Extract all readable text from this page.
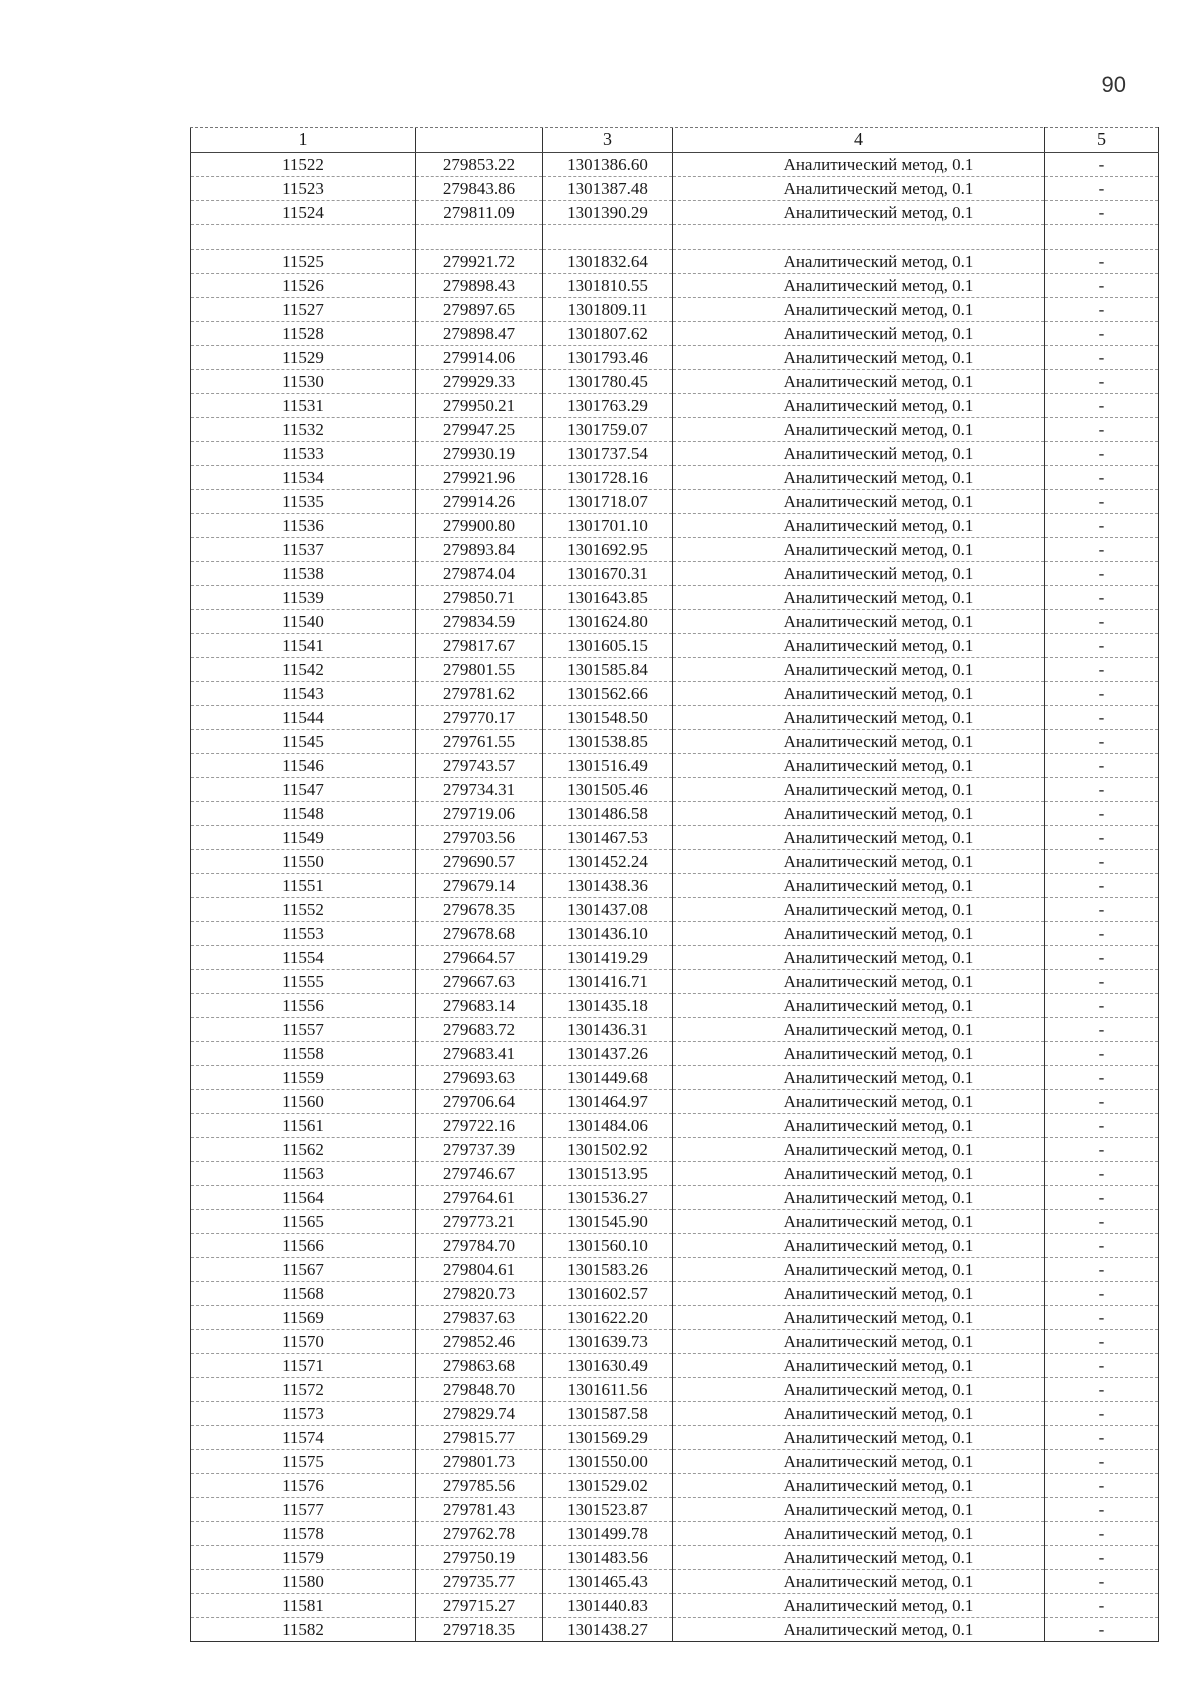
90
1		3	4	5
11522	279853.22	1301386.60	Аналитический метод, 0.1	-
11523	279843.86	1301387.48	Аналитический метод, 0.1	-
11524	279811.09	1301390.29	Аналитический метод, 0.1	-

11525	279921.72	1301832.64	Аналитический метод, 0.1	-
11526	279898.43	1301810.55	Аналитический метод, 0.1	-
11527	279897.65	1301809.11	Аналитический метод, 0.1	-
11528	279898.47	1301807.62	Аналитический метод, 0.1	-
11529	279914.06	1301793.46	Аналитический метод, 0.1	-
11530	279929.33	1301780.45	Аналитический метод, 0.1	-
11531	279950.21	1301763.29	Аналитический метод, 0.1	-
11532	279947.25	1301759.07	Аналитический метод, 0.1	-
11533	279930.19	1301737.54	Аналитический метод, 0.1	-
11534	279921.96	1301728.16	Аналитический метод, 0.1	-
11535	279914.26	1301718.07	Аналитический метод, 0.1	-
11536	279900.80	1301701.10	Аналитический метод, 0.1	-
11537	279893.84	1301692.95	Аналитический метод, 0.1	-
11538	279874.04	1301670.31	Аналитический метод, 0.1	-
11539	279850.71	1301643.85	Аналитический метод, 0.1	-
11540	279834.59	1301624.80	Аналитический метод, 0.1	-
11541	279817.67	1301605.15	Аналитический метод, 0.1	-
11542	279801.55	1301585.84	Аналитический метод, 0.1	-
11543	279781.62	1301562.66	Аналитический метод, 0.1	-
11544	279770.17	1301548.50	Аналитический метод, 0.1	-
11545	279761.55	1301538.85	Аналитический метод, 0.1	-
11546	279743.57	1301516.49	Аналитический метод, 0.1	-
11547	279734.31	1301505.46	Аналитический метод, 0.1	-
11548	279719.06	1301486.58	Аналитический метод, 0.1	-
11549	279703.56	1301467.53	Аналитический метод, 0.1	-
11550	279690.57	1301452.24	Аналитический метод, 0.1	-
11551	279679.14	1301438.36	Аналитический метод, 0.1	-
11552	279678.35	1301437.08	Аналитический метод, 0.1	-
11553	279678.68	1301436.10	Аналитический метод, 0.1	-
11554	279664.57	1301419.29	Аналитический метод, 0.1	-
11555	279667.63	1301416.71	Аналитический метод, 0.1	-
11556	279683.14	1301435.18	Аналитический метод, 0.1	-
11557	279683.72	1301436.31	Аналитический метод, 0.1	-
11558	279683.41	1301437.26	Аналитический метод, 0.1	-
11559	279693.63	1301449.68	Аналитический метод, 0.1	-
11560	279706.64	1301464.97	Аналитический метод, 0.1	-
11561	279722.16	1301484.06	Аналитический метод, 0.1	-
11562	279737.39	1301502.92	Аналитический метод, 0.1	-
11563	279746.67	1301513.95	Аналитический метод, 0.1	-
11564	279764.61	1301536.27	Аналитический метод, 0.1	-
11565	279773.21	1301545.90	Аналитический метод, 0.1	-
11566	279784.70	1301560.10	Аналитический метод, 0.1	-
11567	279804.61	1301583.26	Аналитический метод, 0.1	-
11568	279820.73	1301602.57	Аналитический метод, 0.1	-
11569	279837.63	1301622.20	Аналитический метод, 0.1	-
11570	279852.46	1301639.73	Аналитический метод, 0.1	-
11571	279863.68	1301630.49	Аналитический метод, 0.1	-
11572	279848.70	1301611.56	Аналитический метод, 0.1	-
11573	279829.74	1301587.58	Аналитический метод, 0.1	-
11574	279815.77	1301569.29	Аналитический метод, 0.1	-
11575	279801.73	1301550.00	Аналитический метод, 0.1	-
11576	279785.56	1301529.02	Аналитический метод, 0.1	-
11577	279781.43	1301523.87	Аналитический метод, 0.1	-
11578	279762.78	1301499.78	Аналитический метод, 0.1	-
11579	279750.19	1301483.56	Аналитический метод, 0.1	-
11580	279735.77	1301465.43	Аналитический метод, 0.1	-
11581	279715.27	1301440.83	Аналитический метод, 0.1	-
11582	279718.35	1301438.27	Аналитический метод, 0.1	-
